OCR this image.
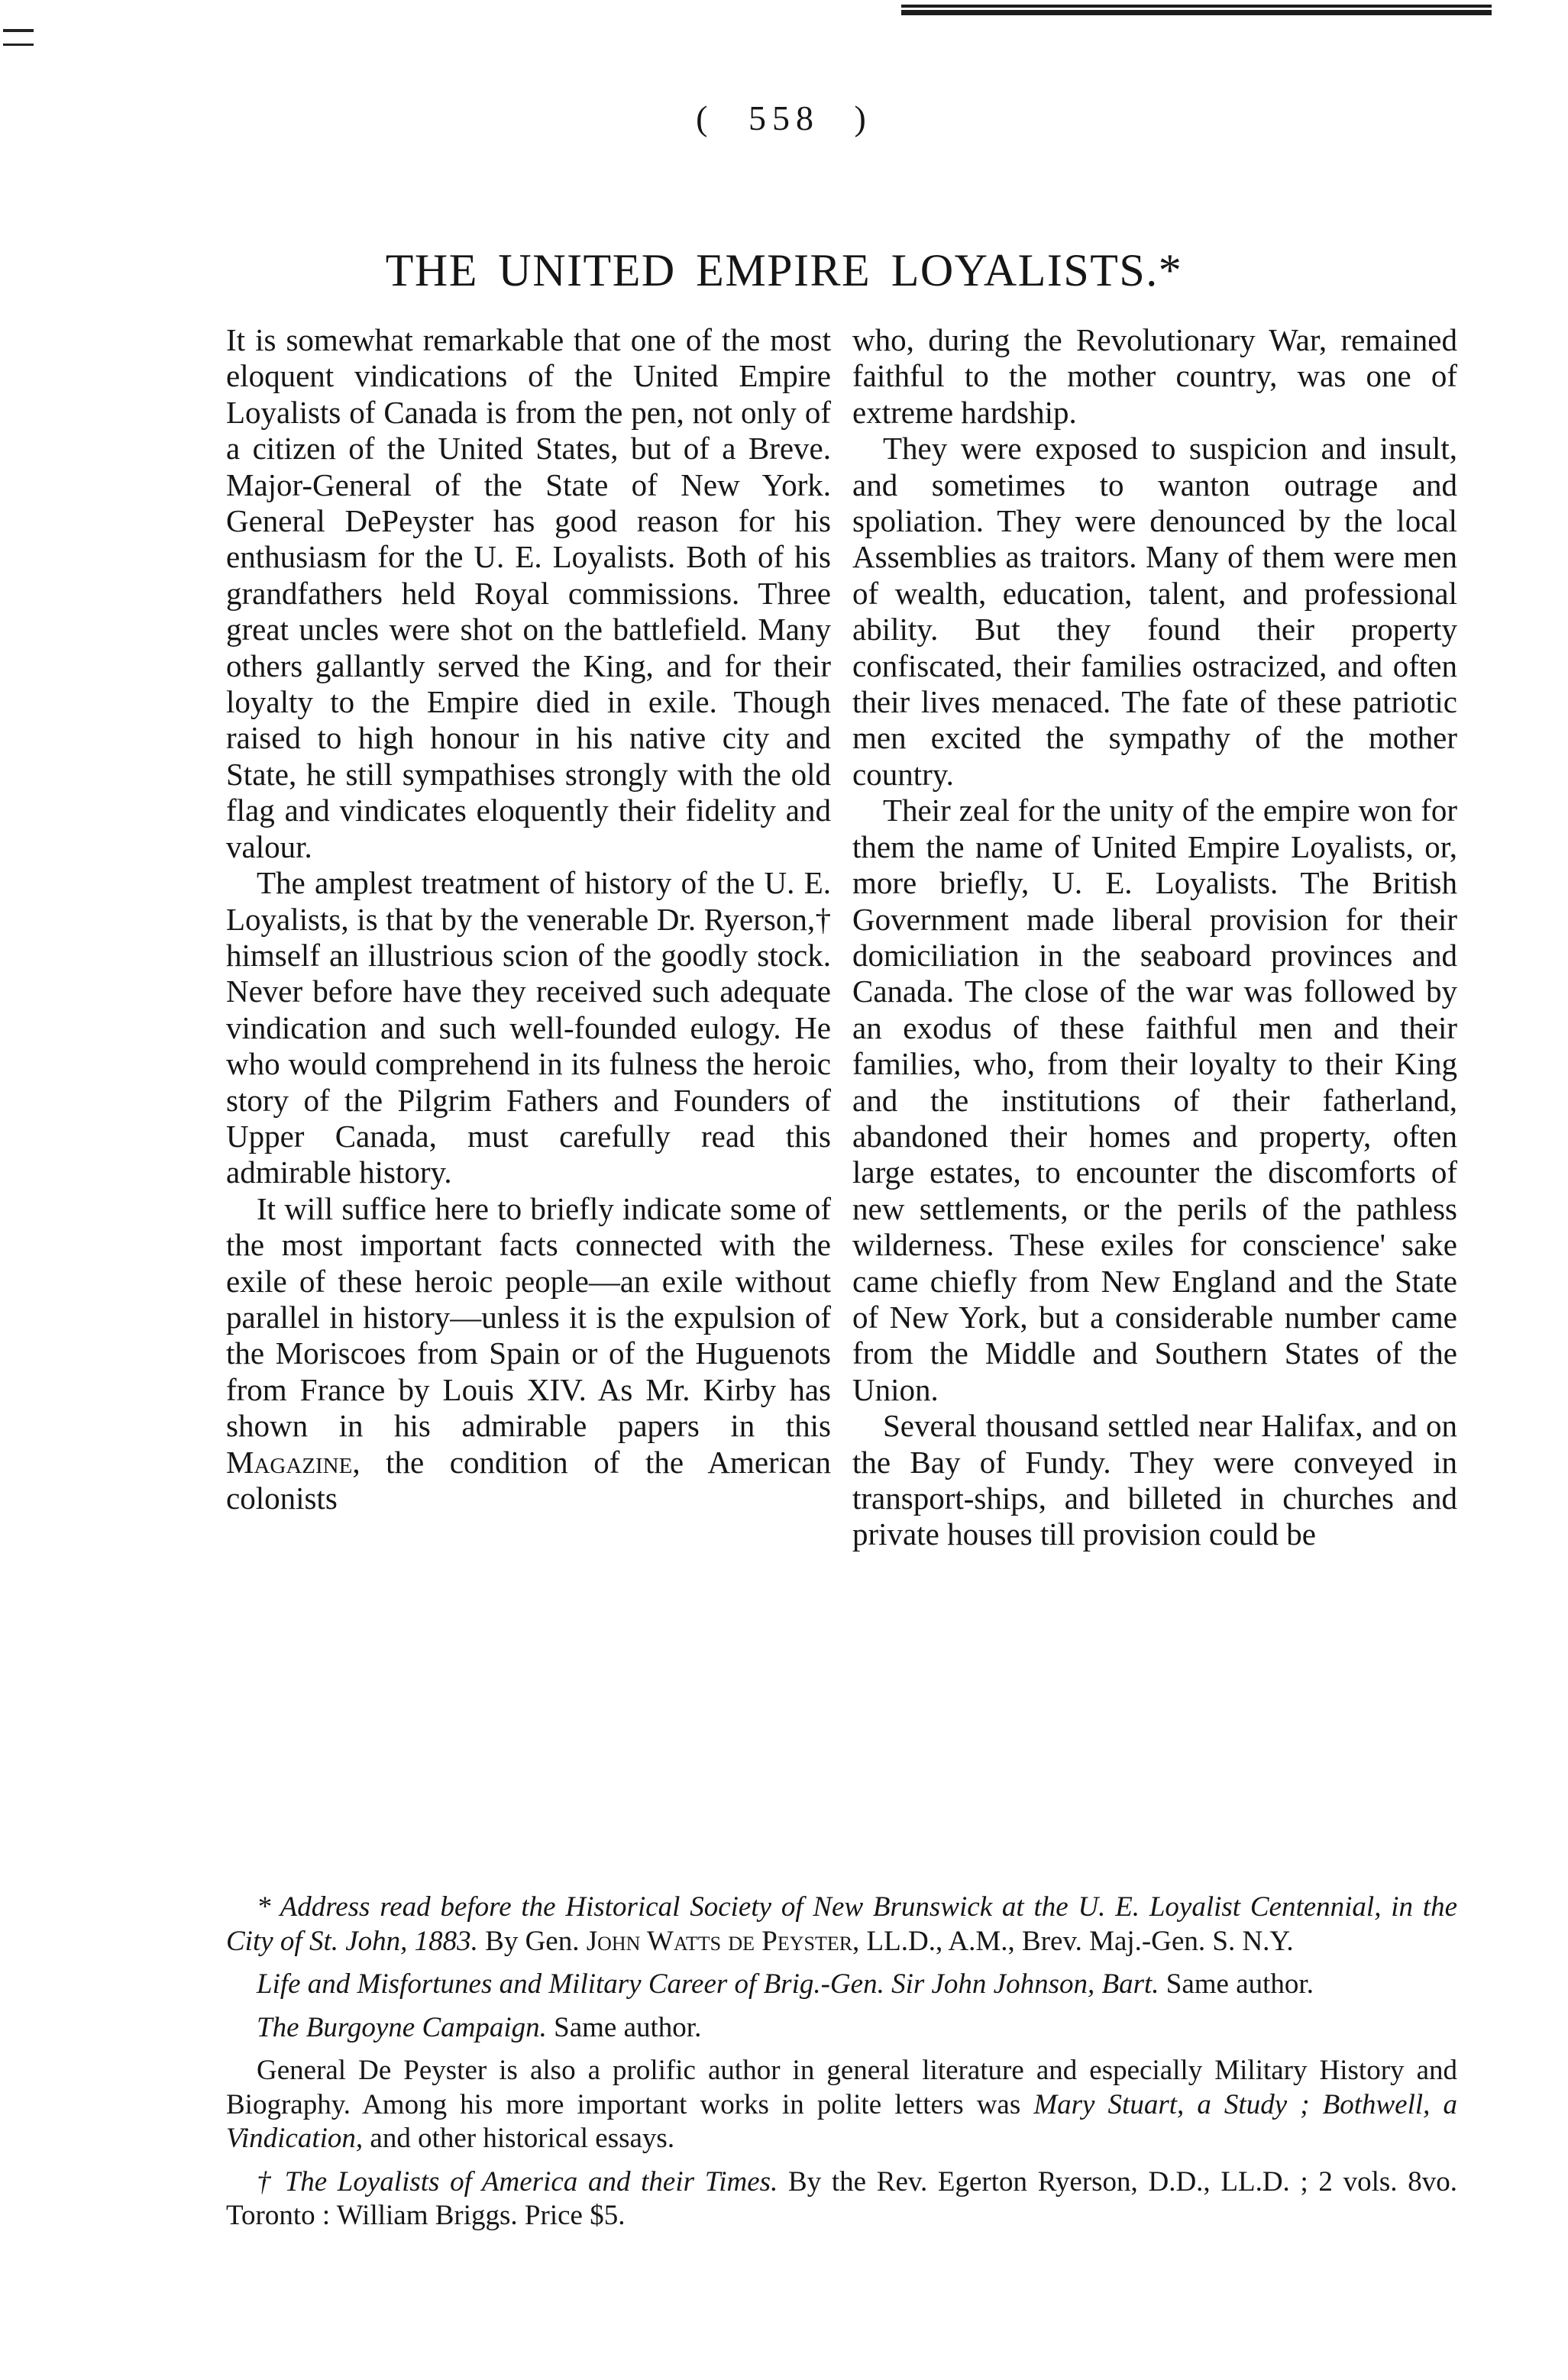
( 558 )
THE UNITED EMPIRE LOYALISTS.*

It is somewhat remarkable that one of the most eloquent vindications of the United Empire Loyalists of Canada is from the pen, not only of a citizen of the United States, but of a Breve. Major-General of the State of New York. General DePeyster has good reason for his enthusiasm for the U. E. Loyalists. Both of his grandfathers held Royal commissions. Three great uncles were shot on the battlefield. Many others gallantly served the King, and for their loyalty to the Empire died in exile. Though raised to high honour in his native city and State, he still sympathises strongly with the old flag and vindicates eloquently their fidelity and valour.

The amplest treatment of history of the U. E. Loyalists, is that by the venerable Dr. Ryerson,† himself an illustrious scion of the goodly stock. Never before have they received such adequate vindication and such well-founded eulogy. He who would comprehend in its fulness the heroic story of the Pilgrim Fathers and Founders of Upper Canada, must carefully read this admirable history.

It will suffice here to briefly indicate some of the most important facts connected with the exile of these heroic people—an exile without parallel in history—unless it is the expulsion of the Moriscoes from Spain or of the Huguenots from France by Louis XIV. As Mr. Kirby has shown in his admirable papers in this Magazine, the condition of the American colonists

who, during the Revolutionary War, remained faithful to the mother country, was one of extreme hardship.

They were exposed to suspicion and insult, and sometimes to wanton outrage and spoliation. They were denounced by the local Assemblies as traitors. Many of them were men of wealth, education, talent, and professional ability. But they found their property confiscated, their families ostracized, and often their lives menaced. The fate of these patriotic men excited the sympathy of the mother country.

Their zeal for the unity of the empire won for them the name of United Empire Loyalists, or, more briefly, U. E. Loyalists. The British Government made liberal provision for their domiciliation in the seaboard provinces and Canada. The close of the war was followed by an exodus of these faithful men and their families, who, from their loyalty to their King and the institutions of their fatherland, abandoned their homes and property, often large estates, to encounter the discomforts of new settlements, or the perils of the pathless wilderness. These exiles for conscience' sake came chiefly from New England and the State of New York, but a considerable number came from the Middle and Southern States of the Union.

Several thousand settled near Halifax, and on the Bay of Fundy. They were conveyed in transport-ships, and billeted in churches and private houses till provision could be

* Address read before the Historical Society of New Brunswick at the U. E. Loyalist Centennial, in the City of St. John, 1883. By Gen. John Watts de Peyster, LL.D., A.M., Brev. Maj.-Gen. S. N.Y.

Life and Misfortunes and Military Career of Brig.-Gen. Sir John Johnson, Bart. Same author.

The Burgoyne Campaign. Same author.

General De Peyster is also a prolific author in general literature and especially Military History and Biography. Among his more important works in polite letters was Mary Stuart, a Study ; Bothwell, a Vindication, and other historical essays.

† The Loyalists of America and their Times. By the Rev. Egerton Ryerson, D.D., LL.D. ; 2 vols. 8vo. Toronto : William Briggs. Price $5.
